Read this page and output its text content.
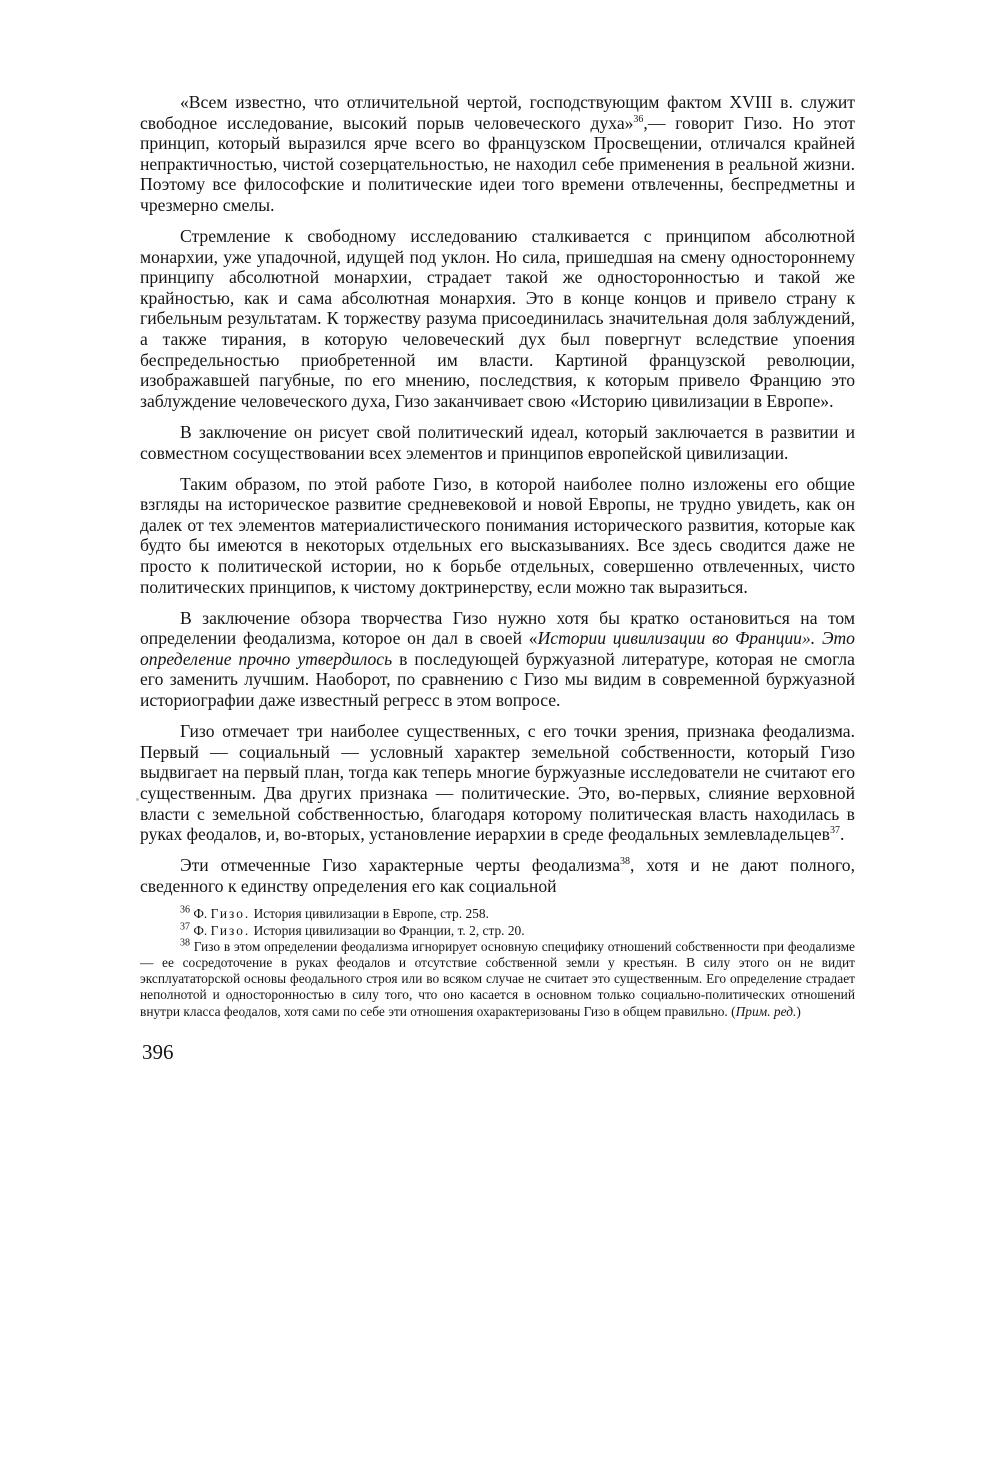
«Всем известно, что отличительной чертой, господствующим фактом XVIII в. служит свободное исследование, высокий порыв человеческого духа»$^{36}$,— говорит Гизо. Но этот принцип, который выразился ярче всего во французском Просвещении, отличался крайней непрактичностью, чистой созерцательностью, не находил себе применения в реальной жизни. Поэтому все философские и политические идеи того времени отвлеченны, беспредметны и чрезмерно смелы.

Стремление к свободному исследованию сталкивается с принципом абсолютной монархии, уже упадочной, идущей под уклон. Но сила, пришедшая на смену одностороннему принципу абсолютной монархии, страдает такой же односторонностью и такой же крайностью, как и сама абсолютная монархия. Это в конце концов и привело страну к гибельным результатам. К торжеству разума присоединилась значительная доля заблуждений, а также тирания, в которую человеческий дух был повергнут вследствие упоения беспредельностью приобретенной им власти. Картиной французской революции, изображавшей пагубные, по его мнению, последствия, к которым привело Францию это заблуждение человеческого духа, Гизо заканчивает свою «Историю цивилизации в Европе».

В заключение он рисует свой политический идеал, который заключается в развитии и совместном сосуществовании всех элементов и принципов европейской цивилизации.

Таким образом, по этой работе Гизо, в которой наиболее полно изложены его общие взгляды на историческое развитие средневековой и новой Европы, не трудно увидеть, как он далек от тех элементов материалистического понимания исторического развития, которые как будто бы имеются в некоторых отдельных его высказываниях. Все здесь сводится даже не просто к политической истории, но к борьбе отдельных, совершенно отвлеченных, чисто политических принципов, к чистому доктринерству, если можно так выразиться.

В заключение обзора творчества Гизо нужно хотя бы кратко остановиться на том определении феодализма, которое он дал в своей «Истории цивилизации во Франции». Это определение прочно утвердилось в последующей буржуазной литературе, которая не смогла его заменить лучшим. Наоборот, по сравнению с Гизо мы видим в современной буржуазной историографии даже известный регресс в этом вопросе.

Гизо отмечает три наиболее существенных, с его точки зрения, признака феодализма. Первый — социальный — условный характер земельной собственности, который Гизо выдвигает на первый план, тогда как теперь многие буржуазные исследователи не считают его существенным. Два других признака — политические. Это, во-первых, слияние верховной власти с земельной собственностью, благодаря которому политическая власть находилась в руках феодалов, и, во-вторых, установление иерархии в среде феодальных землевладельцев$^{37}$.

Эти отмеченные Гизо характерные черты феодализма$^{38}$, хотя и не дают полного, сведенного к единству определения его как социальной

$^{36}$ Ф. Гизо. История цивилизации в Европе, стр. 258.

$^{37}$ Ф. Гизо. История цивилизации во Франции, т. 2, стр. 20.

$^{38}$ Гизо в этом определении феодализма игнорирует основную специфику отношений собственности при феодализме — ее сосредоточение в руках феодалов и отсутствие собственной земли у крестьян. В силу этого он не видит эксплуататорской основы феодального строя или во всяком случае не считает это существенным. Его определение страдает неполнотой и односторонностью в силу того, что оно касается в основном только социально-политических отношений внутри класса феодалов, хотя сами по себе эти отношения охарактеризованы Гизо в общем правильно. (Прим. ред.)

396
